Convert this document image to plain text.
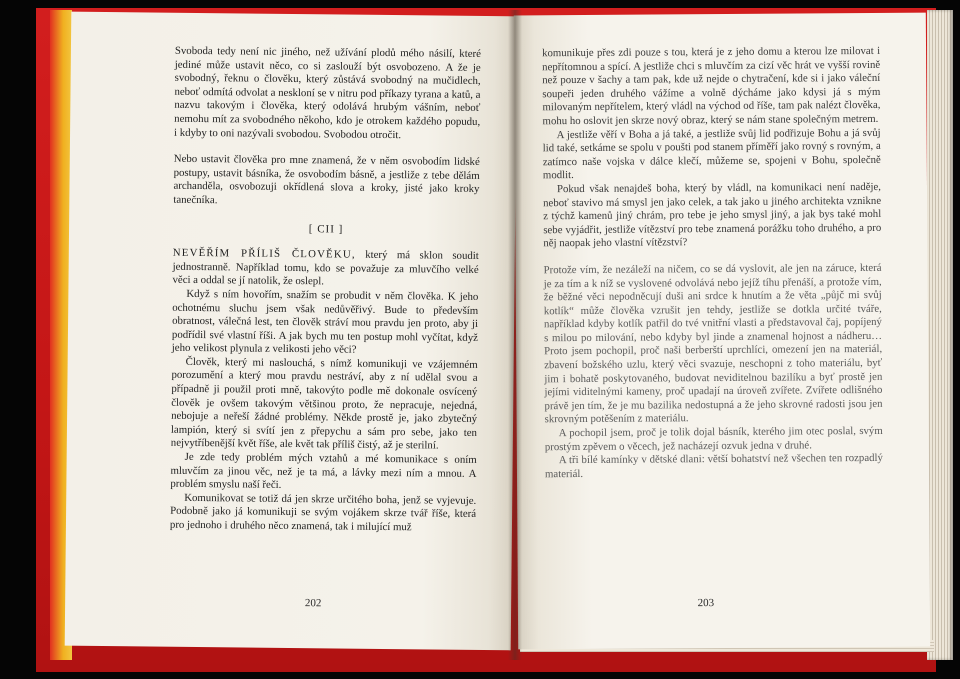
Svoboda tedy není nic jiného, než užívání plodů mého násilí, které jediné může ustavit něco, co si zaslouží být osvobozeno. A že je svobodný, řeknu o člověku, který zůstává svobodný na mučidlech, neboť odmítá odvolat a neskloní se v nitru pod příkazy tyrana a katů, a nazvu takovým i člověka, který odolává hrubým vášním, neboť nemohu mít za svobodného někoho, kdo je otrokem každého popudu, i kdyby to oni nazývali svobodou. Svobodou otročit.

Nebo ustavit člověka pro mne znamená, že v něm osvobodím lidské postupy, ustavit básníka, že osvobodím básně, a jestliže z tebe dělám archanděla, osvobozuji okřídlená slova a kroky, jisté jako kroky tanečníka.

[ CII ]

NEVĚŘÍM PŘÍLIŠ ČLOVĚKU, který má sklon soudit jednostranně. Například tomu, kdo se považuje za mluvčího velké věci a oddal se jí natolik, že oslepl.

Když s ním hovořím, snažím se probudit v něm člověka. K jeho ochotnému sluchu jsem však nedůvěřivý. Bude to především obratnost, válečná lest, ten člověk stráví mou pravdu jen proto, aby ji podřídil své vlastní říši. A jak bych mu ten postup mohl vyčítat, když jeho velikost plynula z velikosti jeho věci?

Člověk, který mi naslouchá, s nímž komunikuji ve vzájemném porozumění a který mou pravdu nestráví, aby z ní udělal svou a případně ji použil proti mně, takovýto podle mě dokonale osvícený člověk je ovšem takovým většinou proto, že nepracuje, nejedná, nebojuje a neřeší žádné problémy. Někde prostě je, jako zbytečný lampión, který si svítí jen z přepychu a sám pro sebe, jako ten nejvytříbenější květ říše, ale květ tak příliš čistý, až je sterilní.

Je zde tedy problém mých vztahů a mé komunikace s oním mluvčím za jinou věc, než je ta má, a lávky mezi ním a mnou. A problém smyslu naší řeči.

Komunikovat se totiž dá jen skrze určitého boha, jenž se vyjevuje. Podobně jako já komunikuji se svým vojákem skrze tvář říše, která pro jednoho i druhého něco znamená, tak i milující muž

202

komunikuje přes zdi pouze s tou, která je z jeho domu a kterou lze milovat i nepřítomnou a spící. A jestliže chci s mluvčím za cizí věc hrát ve vyšší rovině než pouze v šachy a tam pak, kde už nejde o chytračení, kde si i jako váleční soupeři jeden druhého vážíme a volně dýcháme jako kdysi já s mým milovaným nepřítelem, který vládl na východ od říše, tam pak nalézt člověka, mohu ho oslovit jen skrze nový obraz, který se nám stane společným metrem.

A jestliže věří v Boha a já také, a jestliže svůj lid podřizuje Bohu a já svůj lid také, setkáme se spolu v poušti pod stanem příměří jako rovný s rovným, a zatímco naše vojska v dálce klečí, můžeme se, spojeni v Bohu, společně modlit.

Pokud však nenajdeš boha, který by vládl, na komunikaci není naděje, neboť stavivo má smysl jen jako celek, a tak jako u jiného architekta vznikne z týchž kamenů jiný chrám, pro tebe je jeho smysl jiný, a jak bys také mohl sebe vyjádřit, jestliže vítězství pro tebe znamená porážku toho druhého, a pro něj naopak jeho vlastní vítězství?

Protože vím, že nezáleží na ničem, co se dá vyslovit, ale jen na záruce, která je za tím a k níž se vyslovené odvolává nebo jejíž tíhu přenáší, a protože vím, že běžné věci nepodněcují duši ani srdce k hnutím a že věta „půjč mi svůj kotlík“ může člověka vzrušit jen tehdy, jestliže se dotkla určité tváře, například kdyby kotlík patřil do tvé vnitřní vlasti a představoval čaj, popíjený s milou po milování, nebo kdyby byl jinde a znamenal hojnost a nádheru… Proto jsem pochopil, proč naši berberští uprchlíci, omezení jen na materiál, zbavení božského uzlu, který věci svazuje, neschopni z toho materiálu, byť jim i bohatě poskytovaného, budovat neviditelnou bazilíku a byť prostě jen jejími viditelnými kameny, proč upadají na úroveň zvířete. Zvířete odlišného právě jen tím, že je mu bazilika nedostupná a že jeho skrovné radosti jsou jen skrovným potěšením z materiálu.

A pochopil jsem, proč je tolik dojal básník, kterého jim otec poslal, svým prostým zpěvem o věcech, jež nacházejí ozvuk jedna v druhé.

A tři bílé kamínky v dětské dlani: větší bohatství než všechen ten rozpadlý materiál.

203
